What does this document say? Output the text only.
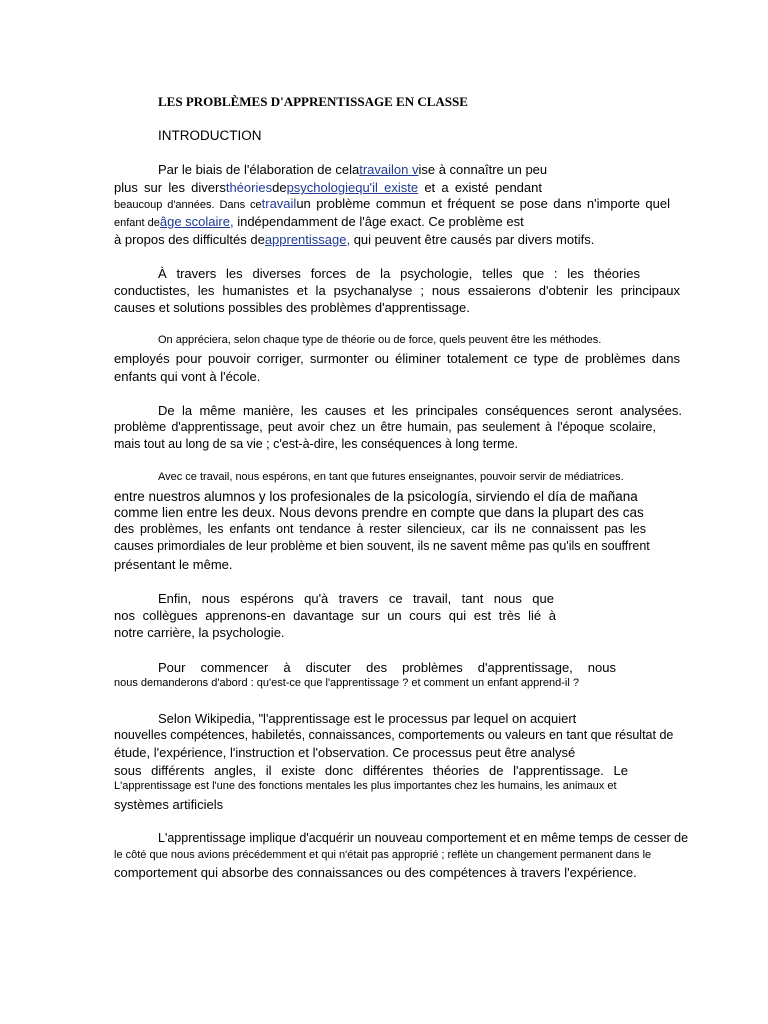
LES PROBLÈMES D'APPRENTISSAGE EN CLASSE
INTRODUCTION
Par le biais de l'élaboration de celatravailon vise à connaître un peu
plus sur les diversthéoriesdepsychologiequ'il existe et a existé pendant
beaucoup d'années. Dans cetravailun problème commun et fréquent se pose dans n'importe quel
enfant deâge scolaire, indépendamment de l'âge exact. Ce problème est
à propos des difficultés deapprentissage, qui peuvent être causés par divers motifs.
À travers les diverses forces de la psychologie, telles que : les théories
conductistes, les humanistes et la psychanalyse ; nous essaierons d'obtenir les principaux
causes et solutions possibles des problèmes d'apprentissage.
On appréciera, selon chaque type de théorie ou de force, quels peuvent être les méthodes.
employés pour pouvoir corriger, surmonter ou éliminer totalement ce type de problèmes dans
enfants qui vont à l'école.
De la même manière, les causes et les principales conséquences seront analysées.
problème d'apprentissage, peut avoir chez un être humain, pas seulement à l'époque scolaire,
mais tout au long de sa vie ; c'est-à-dire, les conséquences à long terme.
Avec ce travail, nous espérons, en tant que futures enseignantes, pouvoir servir de médiatrices.
entre nuestros alumnos y los profesionales de la psicología, sirviendo el día de mañana
comme lien entre les deux. Nous devons prendre en compte que dans la plupart des cas
des problèmes, les enfants ont tendance à rester silencieux, car ils ne connaissent pas les
causes primordiales de leur problème et bien souvent, ils ne savent même pas qu'ils en souffrent
présentant le même.
Enfin, nous espérons qu'à travers ce travail, tant nous que
nos collègues apprenons-en davantage sur un cours qui est très lié à
notre carrière, la psychologie.
Pour commencer à discuter des problèmes d'apprentissage, nous
nous demanderons d'abord : qu'est-ce que l'apprentissage ? et comment un enfant apprend-il ?
Selon Wikipedia, "l'apprentissage est le processus par lequel on acquiert
nouvelles compétences, habiletés, connaissances, comportements ou valeurs en tant que résultat de
étude, l'expérience, l'instruction et l'observation. Ce processus peut être analysé
sous différents angles, il existe donc différentes théories de l'apprentissage. Le
L'apprentissage est l'une des fonctions mentales les plus importantes chez les humains, les animaux et
systèmes artificiels
L'apprentissage implique d'acquérir un nouveau comportement et en même temps de cesser de
le côté que nous avions précédemment et qui n'était pas approprié ; reflète un changement permanent dans le
comportement qui absorbe des connaissances ou des compétences à travers l'expérience.
